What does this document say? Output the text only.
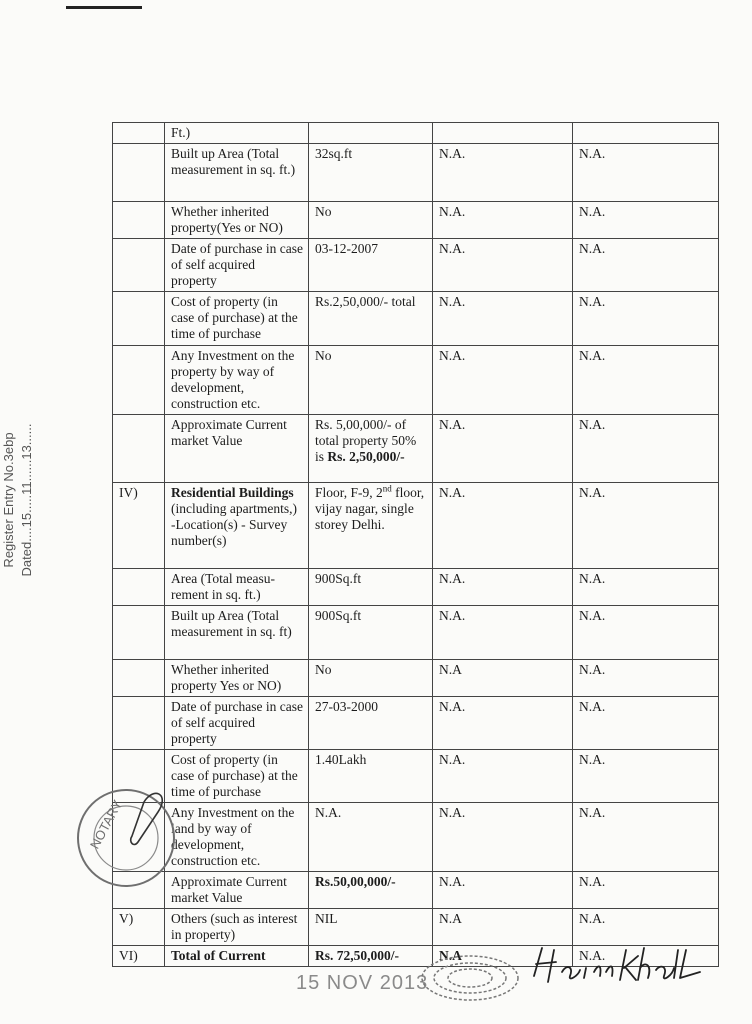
	Ft.)			
	Built up Area (Total measurement in sq. ft.)	32sq.ft	N.A.	N.A.
	Whether inherited property(Yes or NO)	No	N.A.	N.A.
	Date of purchase in case of self acquired property	03-12-2007	N.A.	N.A.
	Cost of property (in case of purchase) at the time of purchase	Rs.2,50,000/- total	N.A.	N.A.
	Any Investment on the property by way of development, construction etc.	No	N.A.	N.A.
	Approximate Current market Value	Rs. 5,00,000/- of total property 50% is Rs. 2,50,000/-	N.A.	N.A.
IV)	Residential Buildings (including apartments,) -Location(s) - Survey number(s)	Floor, F-9, 2nd floor, vijay nagar, single storey Delhi.	N.A.	N.A.
	Area (Total measu-rement in sq. ft.)	900Sq.ft	N.A.	N.A.
	Built up Area (Total measurement in sq. ft)	900Sq.ft	N.A.	N.A.
	Whether inherited property Yes or NO)	No	N.A	N.A.
	Date of purchase in case of self acquired property	27-03-2000	N.A.	N.A.
	Cost of property (in case of purchase) at the time of purchase	1.40Lakh	N.A.	N.A.
	Any Investment on the land by way of development, construction etc.	N.A.	N.A.	N.A.
	Approximate Current market Value	Rs.50,00,000/-	N.A.	N.A.
V)	Others (such as interest in property)	NIL	N.A	N.A.
VI)	Total of Current	Rs. 72,50,000/-	N.A	N.A.
Register Entry No.3ebp Dated....15.....11......13......
NOTARY
15 NOV 2013
